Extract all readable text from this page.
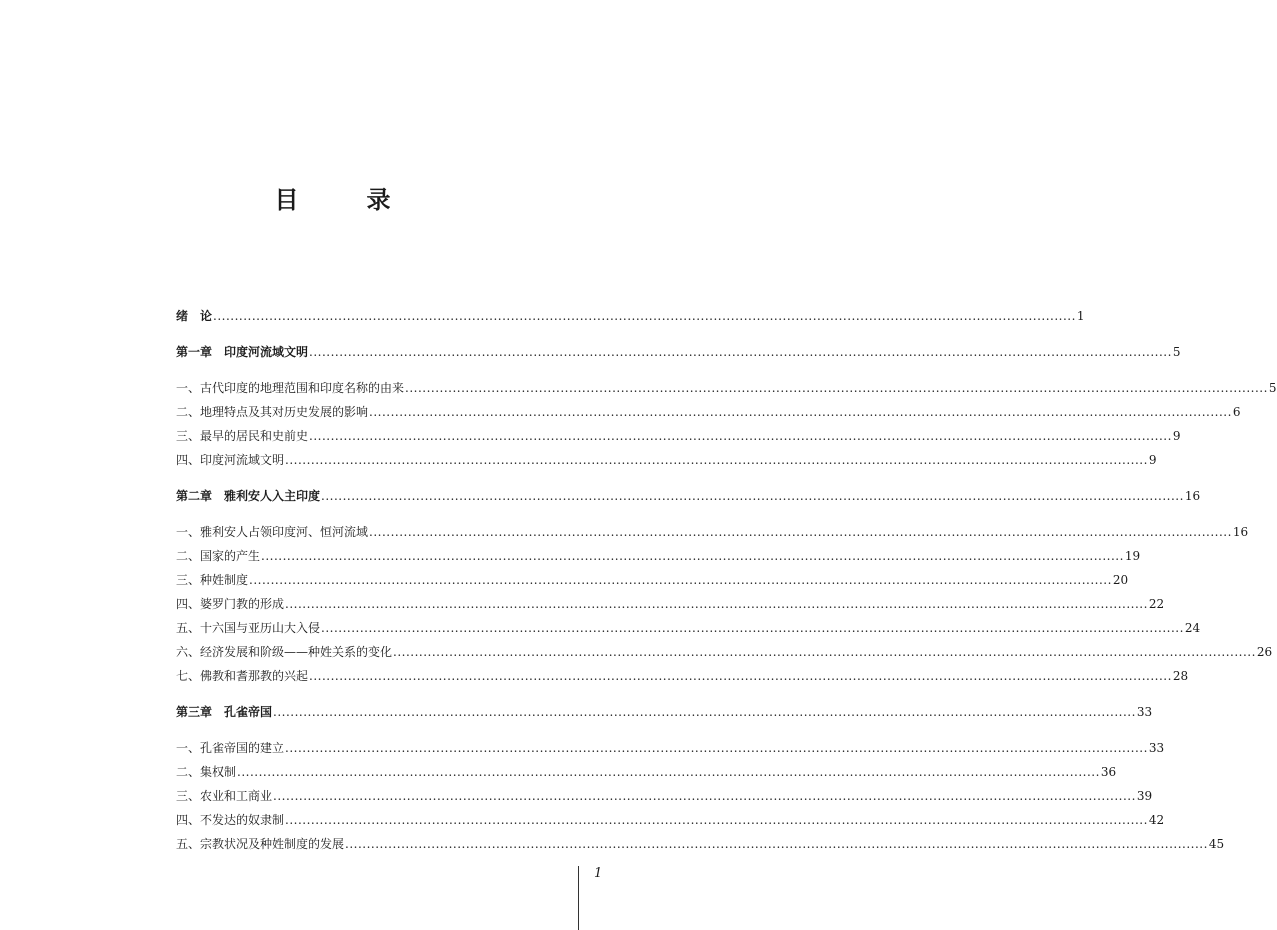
目　录
绪　论 ........................................................................................................................................................................................................ 1
第一章　印度河流域文明 ........................................................................................................................................................................................................ 5
一、古代印度的地理范围和印度名称的由来 ........................................................................................................................................................................................................ 5
二、地理特点及其对历史发展的影响 ........................................................................................................................................................................................................ 6
三、最早的居民和史前史 ........................................................................................................................................................................................................ 9
四、印度河流域文明 ........................................................................................................................................................................................................ 9
第二章　雅利安人入主印度 ........................................................................................................................................................................................................ 16
一、雅利安人占领印度河、恒河流域 ........................................................................................................................................................................................................ 16
二、国家的产生 ........................................................................................................................................................................................................ 19
三、种姓制度 ........................................................................................................................................................................................................ 20
四、婆罗门教的形成 ........................................................................................................................................................................................................ 22
五、十六国与亚历山大入侵 ........................................................................................................................................................................................................ 24
六、经济发展和阶级——种姓关系的变化 ........................................................................................................................................................................................................ 26
七、佛教和耆那教的兴起 ........................................................................................................................................................................................................ 28
第三章　孔雀帝国 ........................................................................................................................................................................................................ 33
一、孔雀帝国的建立 ........................................................................................................................................................................................................ 33
二、集权制 ........................................................................................................................................................................................................ 36
三、农业和工商业 ........................................................................................................................................................................................................ 39
四、不发达的奴隶制 ........................................................................................................................................................................................................ 42
五、宗教状况及种姓制度的发展 ........................................................................................................................................................................................................ 45
1
